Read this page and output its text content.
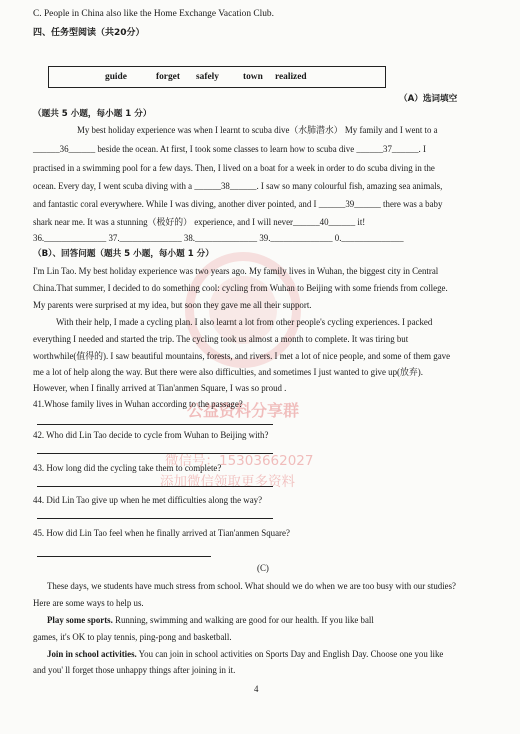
公益资料分享群
微信号：15303662027
添加微信领取更多资料
C. People in China also like the Home Exchange Vacation Club.
四、任务型阅读（共20分）
guide	forget safely	town realized
（A）选词填空
（题共 5 小题，每小题 1 分）
My best holiday experience was when I learnt to scuba dive（水肺潜水） My family and I went to a
______36______ beside the ocean. At first, I took some classes to learn how to scuba dive ______37______. I
practised in a swimming pool for a few days. Then, I lived on a boat for a week in order to do scuba diving in the
ocean. Every day, I went scuba diving with a ______38______. I saw so many colourful fish, amazing sea animals,
and fantastic coral everywhere. While I was diving, another diver pointed, and I ______39______ there was a baby
shark near me. It was a stunning（极好的） experience, and I will never______40______ it!
36.______________ 37.______________ 38.______________ 39.______________ 0.______________
（B）、回答问题（题共 5 小题，每小题 1 分）
I'm Lin Tao. My best holiday experience was two years ago. My family lives in Wuhan, the biggest city in Central
China.That summer, I decided to do something cool: cycling from Wuhan to Beijing with some friends from college.
My parents were surprised at my idea, but soon they gave me all their support.
With their help, I made a cycling plan. I also learnt a lot from other people's cycling experiences. I packed
everything I needed and started the trip. The cycling took us almost a month to complete. It was tiring but
worthwhile(值得的). I saw beautiful mountains, forests, and rivers. I met a lot of nice people, and some of them gave
me a lot of help along the way. But there were also difficulties, and sometimes I just wanted to give up(放弃).
However, when I finally arrived at Tian'anmen Square, I was so proud .
41.Whose family lives in Wuhan according to the passage?
42. Who did Lin Tao decide to cycle from Wuhan to Beijing with?
43. How long did the cycling take them to complete?
44. Did Lin Tao give up when he met difficulties along the way?
45. How did Lin Tao feel when he finally arrived at Tian'anmen Square?
(C)
These days, we students have much stress from school. What should we do when we are too busy with our studies?
Here are some ways to help us.
Play some sports. Running, swimming and walking are good for our health. If you like ball
games, it's OK to play tennis, ping-pong and basketball.
Join in school activities. You can join in school activities on Sports Day and English Day. Choose one you like
and you' ll forget those unhappy things after joining in it.
4
